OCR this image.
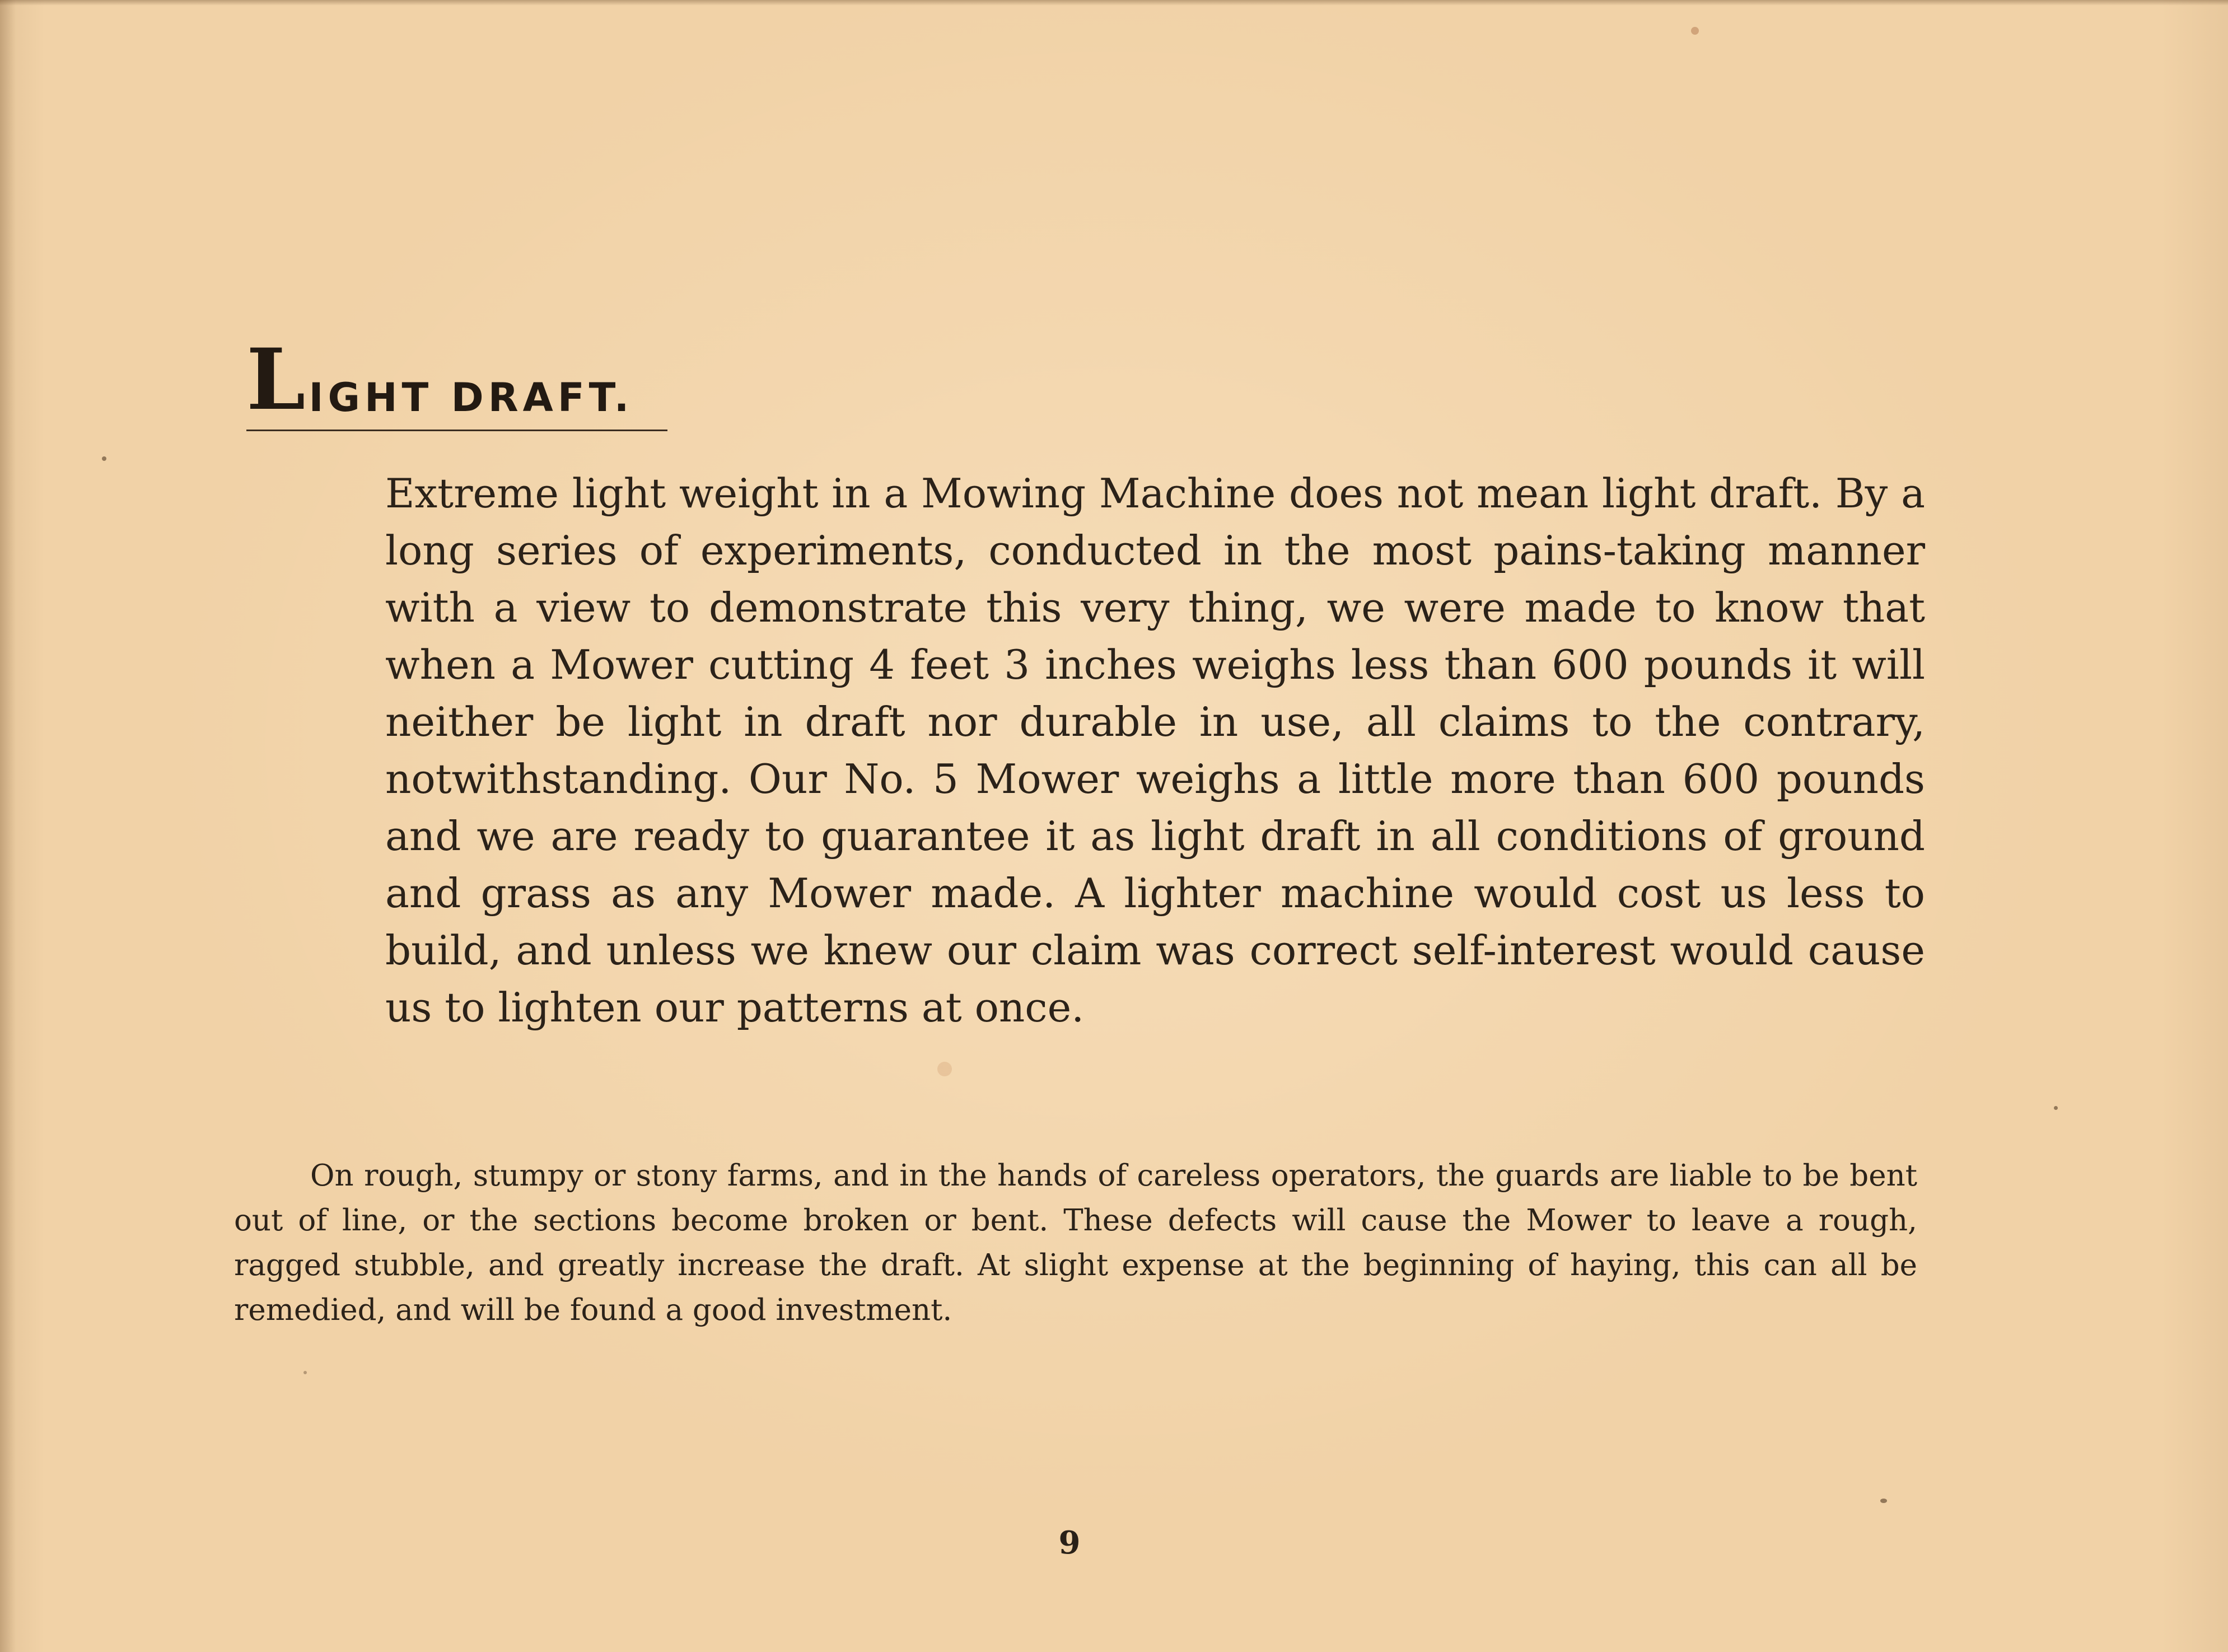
L IGHT DRAFT.

Extreme light weight in a Mowing Machine does not mean light draft. By a long series of experiments, conducted in the most pains-taking manner with a view to demonstrate this very thing, we were made to know that when a Mower cutting 4 feet 3 inches weighs less than 600 pounds it will neither be light in draft nor durable in use, all claims to the contrary, notwithstanding. Our No. 5 Mower weighs a little more than 600 pounds and we are ready to guarantee it as light draft in all conditions of ground and grass as any Mower made. A lighter machine would cost us less to build, and unless we knew our claim was correct self-interest would cause us to lighten our patterns at once.

On rough, stumpy or stony farms, and in the hands of careless operators, the guards are liable to be bent out of line, or the sections become broken or bent. These defects will cause the Mower to leave a rough, ragged stubble, and greatly increase the draft. At slight expense at the beginning of haying, this can all be remedied, and will be found a good investment.

9
